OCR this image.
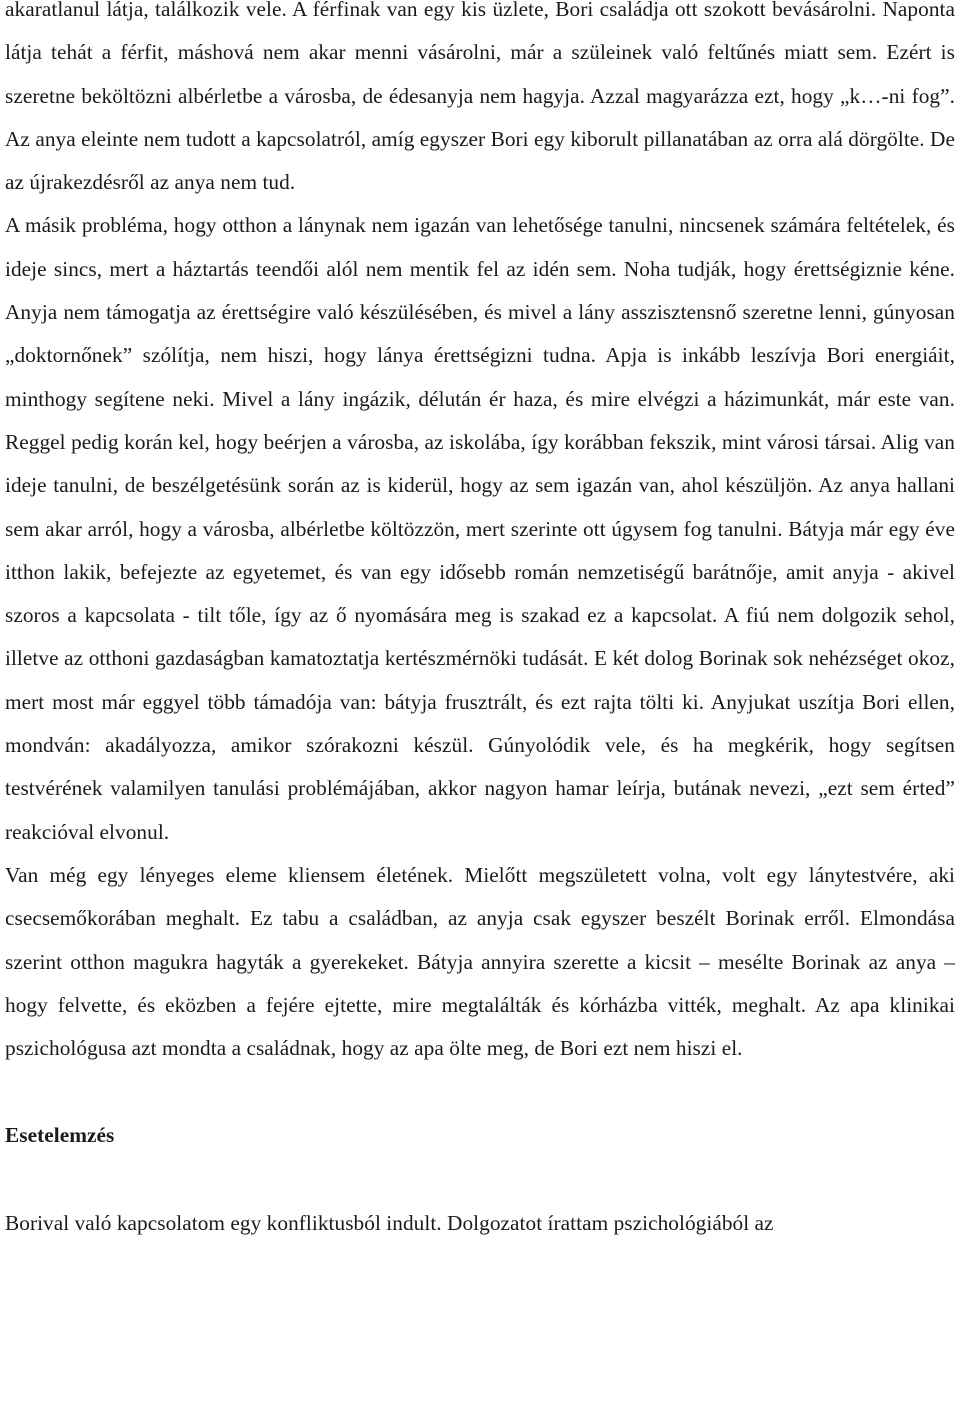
akaratlanul látja, találkozik vele. A férfinak van egy kis üzlete, Bori családja ott szokott bevásárolni. Naponta látja tehát a férfit, máshová nem akar menni vásárolni, már a szüleinek való feltűnés miatt sem. Ezért is szeretne beköltözni albérletbe a városba, de édesanyja nem hagyja. Azzal magyarázza ezt, hogy „k…-ni fog”. Az anya eleinte nem tudott a kapcsolatról, amíg egyszer Bori egy kiborult pillanatában az orra alá dörgölte. De az újrakezdésről az anya nem tud.

A másik probléma, hogy otthon a lánynak nem igazán van lehetősége tanulni, nincsenek számára feltételek, és ideje sincs, mert a háztartás teendői alól nem mentik fel az idén sem. Noha tudják, hogy érettségiznie kéne. Anyja nem támogatja az érettségire való készülésében, és mivel a lány asszisztensnő szeretne lenni, gúnyosan „doktornőnek” szólítja, nem hiszi, hogy lánya érettségizni tudna. Apja is inkább leszívja Bori energiáit, minthogy segítene neki. Mivel a lány ingázik, délután ér haza, és mire elvégzi a házimunkát, már este van. Reggel pedig korán kel, hogy beérjen a városba, az iskolába, így korábban fekszik, mint városi társai. Alig van ideje tanulni, de beszélgetésünk során az is kiderül, hogy az sem igazán van, ahol készüljön. Az anya hallani sem akar arról, hogy a városba, albérletbe költözzön, mert szerinte ott úgysem fog tanulni. Bátyja már egy éve itthon lakik, befejezte az egyetemet, és van egy idősebb román nemzetiségű barátnője, amit anyja - akivel szoros a kapcsolata - tilt tőle, így az ő nyomására meg is szakad ez a kapcsolat. A fiú nem dolgozik sehol, illetve az otthoni gazdaságban kamatoztatja kertészmérnöki tudását. E két dolog Borinak sok nehézséget okoz, mert most már eggyel több támadója van: bátyja frusztrált, és ezt rajta tölti ki. Anyjukat uszítja Bori ellen, mondván: akadályozza, amikor szórakozni készül. Gúnyolódik vele, és ha megkérik, hogy segítsen testvérének valamilyen tanulási problémájában, akkor nagyon hamar leírja, butának nevezi, „ezt sem érted” reakcióval elvonul.

Van még egy lényeges eleme kliensem életének. Mielőtt megszületett volna, volt egy lánytestvére, aki csecsemőkorában meghalt. Ez tabu a családban, az anyja csak egyszer beszélt Borinak erről. Elmondása szerint otthon magukra hagyták a gyerekeket. Bátyja annyira szerette a kicsit – mesélte Borinak az anya – hogy felvette, és eközben a fejére ejtette, mire megtalálták és kórházba vitték, meghalt. Az apa klinikai pszichológusa azt mondta a családnak, hogy az apa ölte meg, de Bori ezt nem hiszi el.

Esetelemzés

Borival való kapcsolatom egy konfliktusból indult. Dolgozatot írattam pszichológiából az
